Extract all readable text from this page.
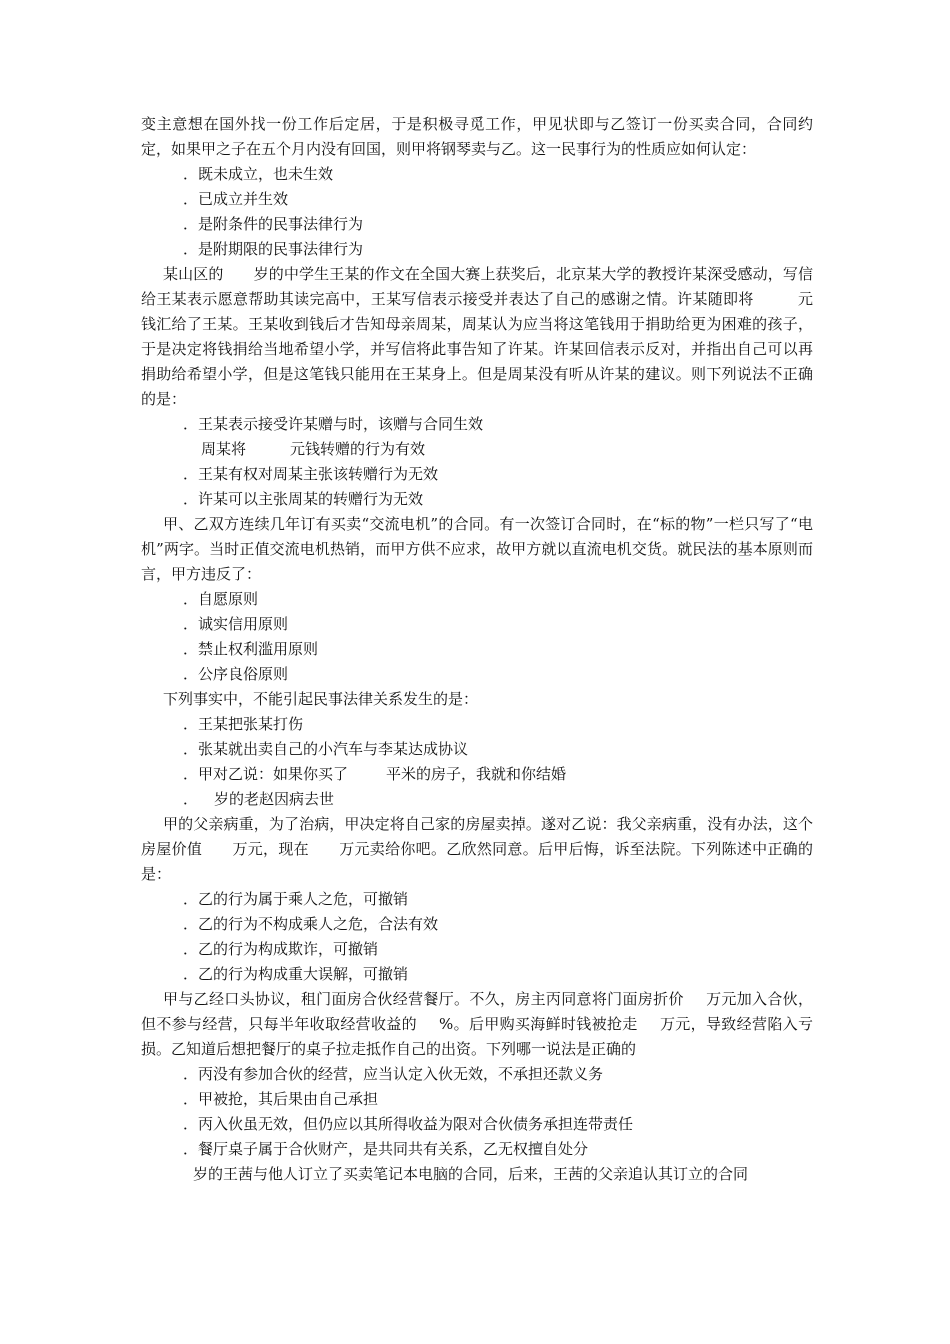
变主意想在国外找一份工作后定居，于是积极寻觅工作，甲见状即与乙签订一份买卖合同，合同约定，如果甲之子在五个月内没有回国，则甲将钢琴卖与乙。这一民事行为的性质应如何认定：

．既未成立，也未生效

．已成立并生效

．是附条件的民事法律行为

．是附期限的民事法律行为

某山区的 岁的中学生王某的作文在全国大赛上获奖后，北京某大学的教授许某深受感动，写信给王某表示愿意帮助其读完高中，王某写信表示接受并表达了自己的感谢之情。许某随即将	元钱汇给了王某。王某收到钱后才告知母亲周某，周某认为应当将这笔钱用于捐助给更为困难的孩子，于是决定将钱捐给当地希望小学，并写信将此事告知了许某。许某回信表示反对，并指出自己可以再捐助给希望小学，但是这笔钱只能用在王某身上。但是周某没有听从许某的建议。则下列说法不正确的是：

．王某表示接受许某赠与时，该赠与合同生效

周某将	元钱转赠的行为有效

．王某有权对周某主张该转赠行为无效

．许某可以主张周某的转赠行为无效

甲、乙双方连续几年订有买卖“交流电机”的合同。有一次签订合同时，在“标的物”一栏只写了“电机”两字。当时正值交流电机热销，而甲方供不应求，故甲方就以直流电机交货。就民法的基本原则而言，甲方违反了：

．自愿原则

．诚实信用原则

．禁止权利滥用原则

．公序良俗原则

下列事实中，不能引起民事法律关系发生的是：

．王某把张某打伤

．张某就出卖自己的小汽车与李某达成协议

．甲对乙说：如果你买了	平米的房子，我就和你结婚

． 岁的老赵因病去世

甲的父亲病重，为了治病，甲决定将自己家的房屋卖掉。遂对乙说：我父亲病重，没有办法，这个房屋价值 万元，现在 万元卖给你吧。乙欣然同意。后甲后悔，诉至法院。下列陈述中正确的是：

．乙的行为属于乘人之危，可撤销

．乙的行为不构成乘人之危，合法有效

．乙的行为构成欺诈，可撤销

．乙的行为构成重大误解，可撤销

甲与乙经口头协议，租门面房合伙经营餐厅。不久，房主丙同意将门面房折价 万元加入合伙，但不参与经营，只每半年收取经营收益的 %。后甲购买海鲜时钱被抢走 万元，导致经营陷入亏损。乙知道后想把餐厅的桌子拉走抵作自己的出资。下列哪一说法是正确的

．丙没有参加合伙的经营，应当认定入伙无效，不承担还款义务

．甲被抢，其后果由自己承担

．丙入伙虽无效，但仍应以其所得收益为限对合伙债务承担连带责任

．餐厅桌子属于合伙财产，是共同共有关系，乙无权擅自处分

岁的王茜与他人订立了买卖笔记本电脑的合同，后来，王茜的父亲追认其订立的合同
